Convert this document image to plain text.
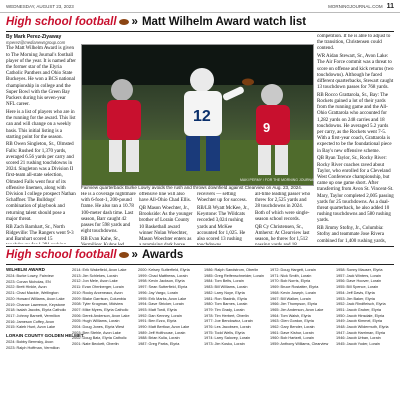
WEDNESDAY, AUGUST 23, 2023	MORNINGJOURNAL.COM 11
High school football » Matt Wilhelm Award watch list
By Mark Perez-Ziyaway
mperez@medianewsgroup.com

The Matt Wilhelm Award is given to The Morning Journal's football player of the year. It is named after the former star of the Elyria Catholic Panthers and Ohio State Buckeyes. He won a BCS national championship in college and the Super Bowl with the Green Bay Packers during his seven-year NFL career.

Here is a list of players who are in the running for the award. This list can and will change on a weekly basis. This initial listing is a starting point for the season.

RB Owen Singleton, Sr., Olmsted Falls: Rushed for 1,370 yards, averaged 6.56 yards per carry and scored 21 rushing touchdowns in 2024. Singleton was a Division II first-team all-state selection, Olmsted Falls went four of its offensive linemen, along with Division I college prospect Nathan Schaffner. The Bulldogs' combination of playbook and returning talent should pose a major threat.

RB Zach Barnhart, Sr., North Ridgeville: The Rangers went 9-3 and Barnhart scored 15

12
9
MAKI PERMY / FOR THE MORNING JOURNAL
Fairview quarterback Burke Lowry avoids the rush and throws downfield against Clearview on Aug. 23, 2024.

He is a coverage nightmare with 6-foot-1, 200-pound frame. He also ran a 10.78 100-meter dash time. Last season, Barr caught 42 passes for 598 yards and eight touchdowns.

RB Evan Kahe, Sr.,

offensive line will also have All-Ohio Chad Ellis.

QB Mason Woechter, Jr., Brookside: As the younger brother of Lorain County 10 Basketball award winner Nolan Woechter, Mason Woechter enters as

receivers — setting Woechter up for success.

RB/LB Wyatt McKee, Jr., Keystone: The Wildcats recorded 3,024 rushing yards and McKee accounted for 1,025. He also scored 13 rushing

all-time leading passer who threw for 2,525 yards and 28 touchdowns in 2024. Both of which were single-season school records.

QB Cy Christensen, Sr., Amherst: At Clearview last season, he threw for 1,512

competition. If he is able to adjust to the transition, Christensen could contend.

WR Aidan Stewart, Sr., Avon Lake: The Air Force commit was a threat to score on offense and kick returns (two touchdowns). Although he faced different quarterbacks, Stewart caught 13 touchdown passes for 768 yards.

RB Rocco Grattarola, Sr., Bay: The Rockets gained a lot of their yards from the running game and the All-Ohio Grattarola who accounted for 1,282 yards on 248 carries and 18 touchdowns. He averaged 5.2 yards per carry, as the Rockets went 7-5. With a first-year coach, Grattarola is expected to be the foundational piece in Bay's new offensive scheme.

QB Ryan Taylor, Sr., Rocky River: Rocky River coaches raved about Taylor, who enrolled for a Cleveland West Conference championship, but came up one game short. After transferring from Avon St. Vincent-St. Mary, Taylor completed 2,005 passing yards for 25 touchdowns. As a dual-threat quarterback, he also added 10 rushing touchdowns and 580 rushing yards.

RB Jimmy Stofny, Jr., Columbia: Stofny and teammate Jose Rivera combined for 1,400 rushing yards,

High school football » Awards
WILHELM AWARD
2024: Burke Lowry, Fairview
2023: Conan Nicholas, EN
2022: Brett Hinkle, Avon
2021: Chad Mackie, Wellington
2020: Howard Williams, Avon Lake
2019: Chance Lawrence, Keystone
2018: Isaiah Jacobs, Elyria Catholic
2017: Johnny Barnett, Vermilion
2016: Jameson Coffey, Avon
2015: Kaleb Hunt, Avon Lake
LORAIN COUNTY GOLDEN HELMET
2024: Bobby Bermsky, Avon
2023: Ralph Hoffman, Vermilion
2014: Erik Wakefield, Avon Lake
2013: Jim Schlekes, Lorain
2012: Jon Mele, Avon Lake
2011: Evan Ohrnberger, Lorain
2010: Rocky Arceneaux, Avon
2009: Blake Garrison, Columbia
2008: Tyler Krogman, Midview
2007: Mike Myers, Elyria Catholic
2006: Derek Anderson, Avon Lake
2005: Hugh Williams, Lorain
2004: Doug Jones, Elyria West
2003: Ben Stehle, Avon Lake
2002: Doug Batz, Elyria Catholic
2001: Nate Beckett, Oberlin
2000: Kelsey Sutterfield, Elyria
1999: Chad Matthews, Lorain
1998: Kevin Jackson, Elyria
1997: Sean Sutterfield, Elyria
1996: Jay Vargo, Lorain
1995: Erik Marks, Avon Lake
1994: Dave Stricker, Lorain
1993: Matt Tordi, Elyria
1992: Dan Kenney, Lorain
1991: Ben Ezzo, Elyria
1990: Matt Bertlow, Avon Lake
1989: Jeff Holthouse, Lorain
1988: Brian Kulia, Lorain
1987: Greg Parks, Elyria
1986: Ralph Sandstrom, Oberlin
1985: Greg Reifenschneider, Lorain
1984: Tom Belts, Lorain
1983: Bill Williams, Lorain
1982: Larry Noye, Elyria
1981: Ron Stadnik, Elyria
1980: Tom Barnes, Lorain
1979: Tim Grady, Lorain
1978: Tim Herbert, Oberlin
1977: Joe Bendowicz, Lorain
1976: Les Jacobsen, Lorain
1975: Todd Wells, Elyria
1974: Larry Salovey, Lorain
1973: Jim Kosko, Lorain
1972: Doug Hargett, Lorain
1971: Nick Smith, Lorain
1970: Bob Norris, Elyria
1969: Bruce Rostatter, Elyria
1968: Kevin Joseph, Lorain
1967: Bill Walker, Lorain
1966: Jim Thompson, Elyria
1965: Jim Anderson, Avon Lake
1964: Tom Walsh, Elyria
1963: Glen Gordon, Elyria
1962: Gary Bender, Lorain
1961: Dave Kishur, Lorain
1960: Bob Hartzell, Lorain
1959: Anthony Williams, Clearview
1958: Sonny Mauser, Elyria
1957: Jack Winters, Lorain
1956: Dave Hoover, Lorain
1955: Bill Spence, Lorain
1954: Jeff Davis, Elyria
1953: Jim Baker, Elyria
1952: Jack Rindfleisch, Elyria
1951: Jacob Gruber, Elyria
1950: Jacob Hinsdale, Elyria
1949: Jacob Kimmel, Elyria
1948: Jacob Wildermuth, Elyria
1947: Jacob Harriman, Elyria
1946: Jacob Urban, Lorain
1945: Jacob Yoder, Lorain
